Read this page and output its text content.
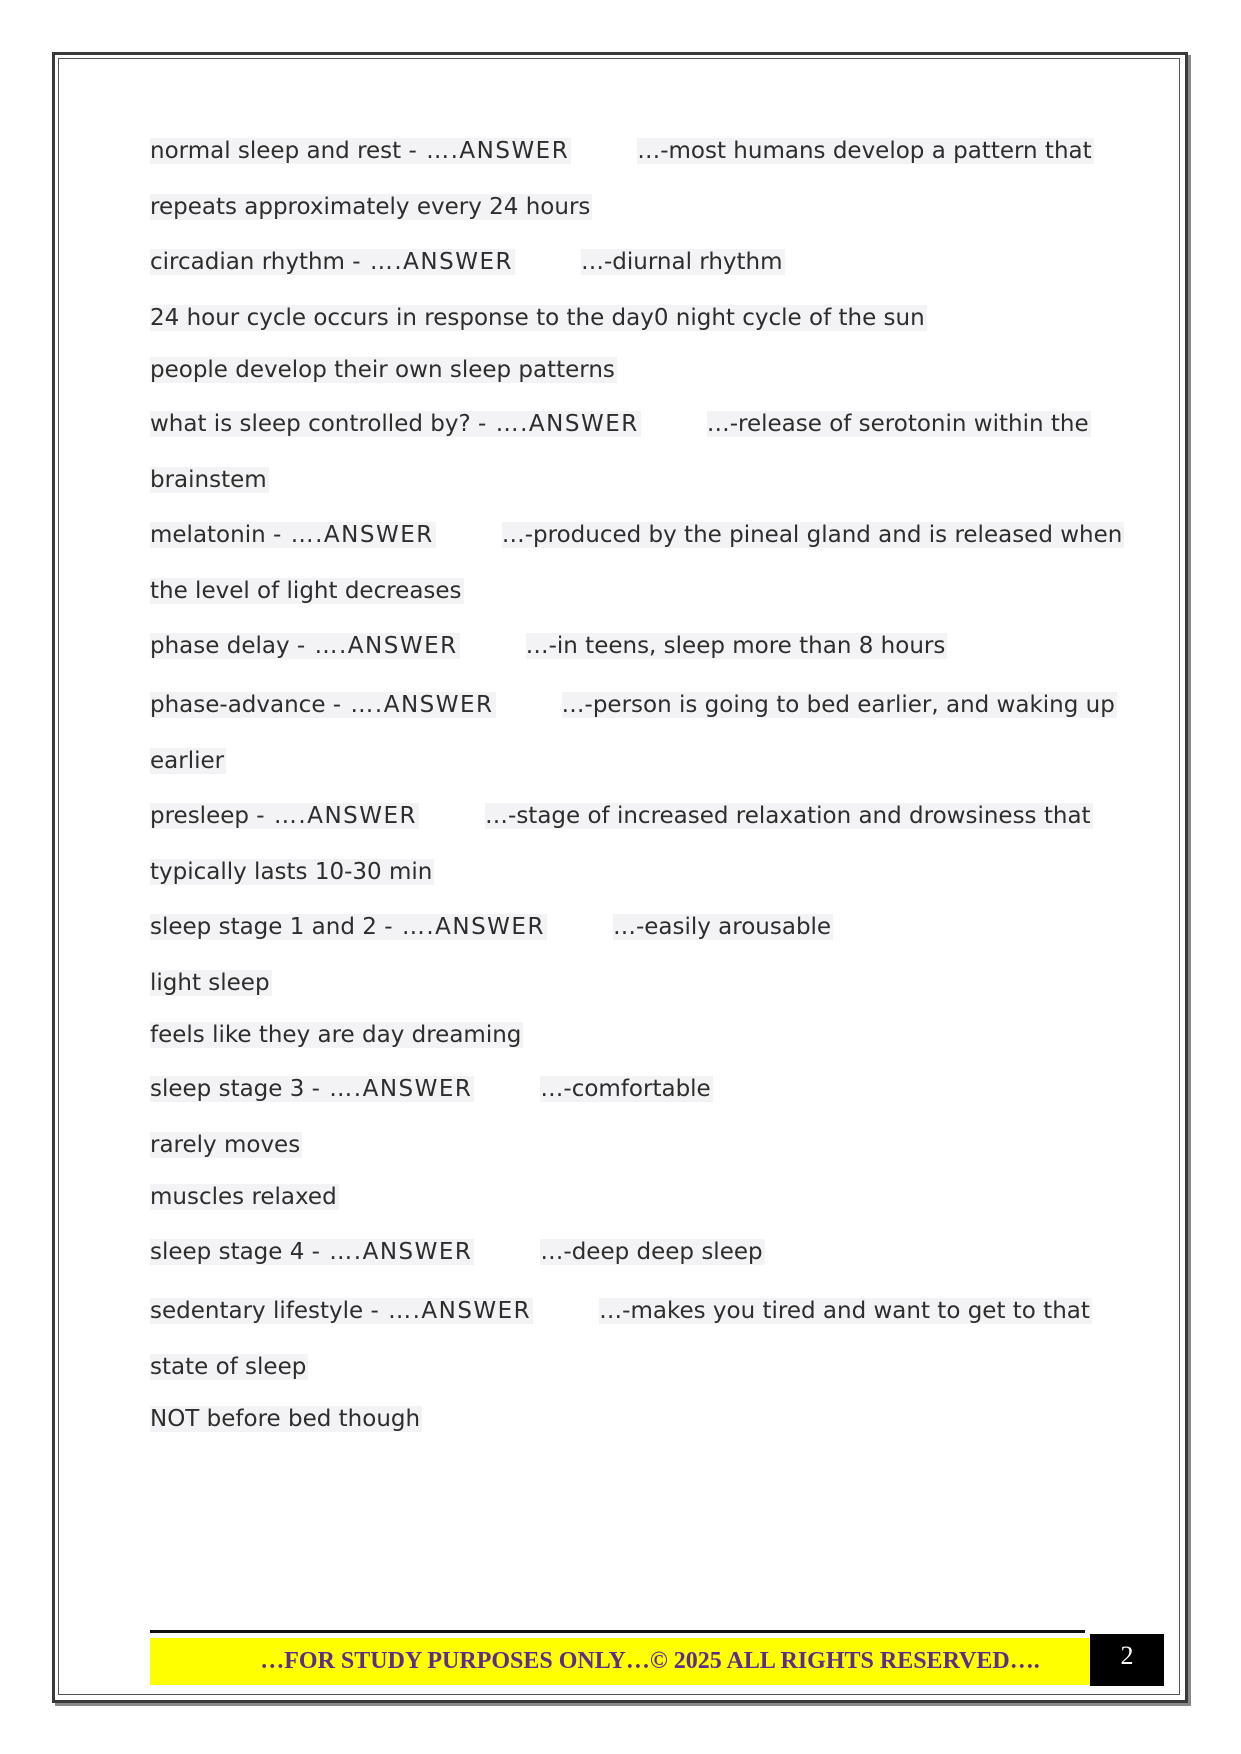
normal sleep and rest - ….ANSWER	…-most humans develop a pattern that
repeats approximately every 24 hours
circadian rhythm - ….ANSWER	…-diurnal rhythm
24 hour cycle occurs in response to the day0 night cycle of the sun
people develop their own sleep patterns
what is sleep controlled by? - ….ANSWER	…-release of serotonin within the
brainstem
melatonin - ….ANSWER	…-produced by the pineal gland and is released when
the level of light decreases
phase delay - ….ANSWER	…-in teens, sleep more than 8 hours
phase-advance - ….ANSWER	…-person is going to bed earlier, and waking up
earlier
presleep - ….ANSWER	…-stage of increased relaxation and drowsiness that
typically lasts 10-30 min
sleep stage 1 and 2 - ….ANSWER	…-easily arousable
light sleep
feels like they are day dreaming
sleep stage 3 - ….ANSWER	…-comfortable
rarely moves
muscles relaxed
sleep stage 4 - ….ANSWER	…-deep deep sleep
sedentary lifestyle - ….ANSWER	…-makes you tired and want to get to that
state of sleep
NOT before bed though
…FOR STUDY PURPOSES ONLY…© 2025 ALL RIGHTS RESERVED….	2
